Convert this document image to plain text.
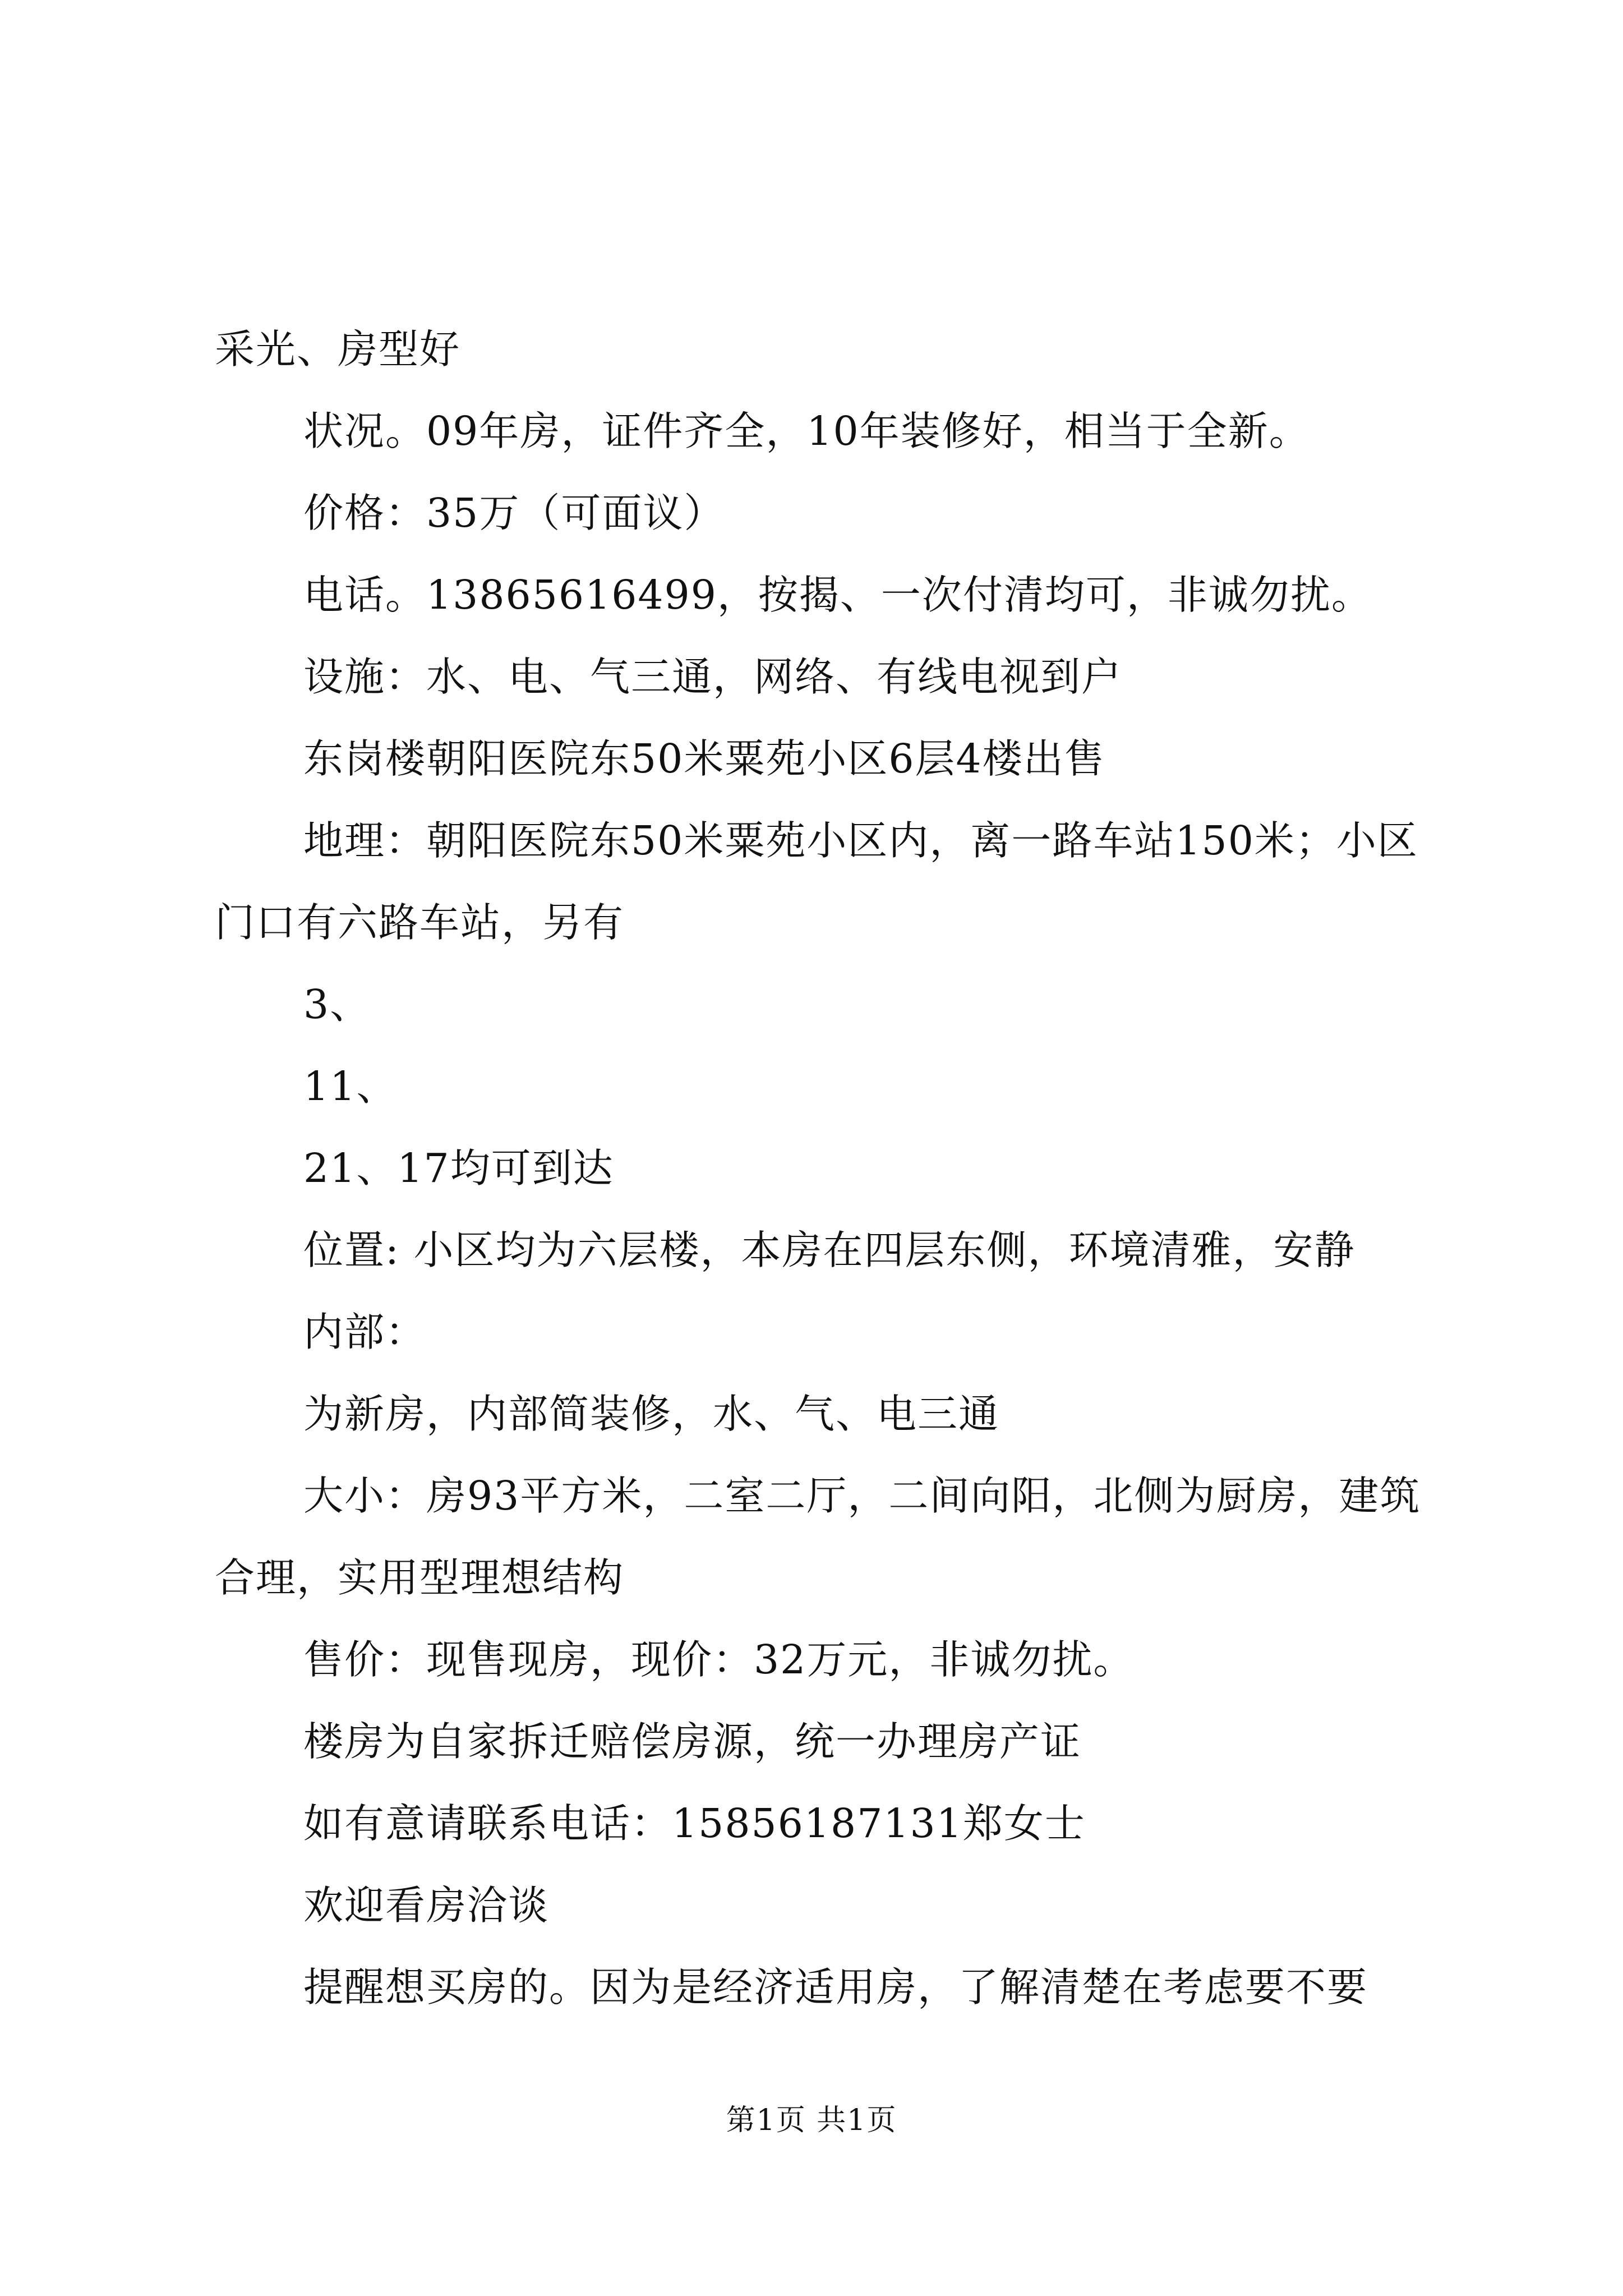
采光、房型好

状况。09年房，证件齐全，10年装修好，相当于全新。

价格：35万（可面议）

电话。13865616499，按揭、一次付清均可，非诚勿扰。

设施：水、电、气三通，网络、有线电视到户

东岗楼朝阳医院东50米粟苑小区6层4楼出售

地理：朝阳医院东50米粟苑小区内，离一路车站150米；小区门口有六路车站，另有

3、

11、

21、17均可到达

位置: 小区均为六层楼，本房在四层东侧，环境清雅，安静

内部：

为新房，内部简装修，水、气、电三通

大小：房93平方米，二室二厅，二间向阳，北侧为厨房，建筑合理，实用型理想结构

售价：现售现房，现价：32万元，非诚勿扰。

楼房为自家拆迁赔偿房源，统一办理房产证

如有意请联系电话：15856187131郑女士

欢迎看房洽谈

提醒想买房的。因为是经济适用房，了解清楚在考虑要不要

第1页 共1页
